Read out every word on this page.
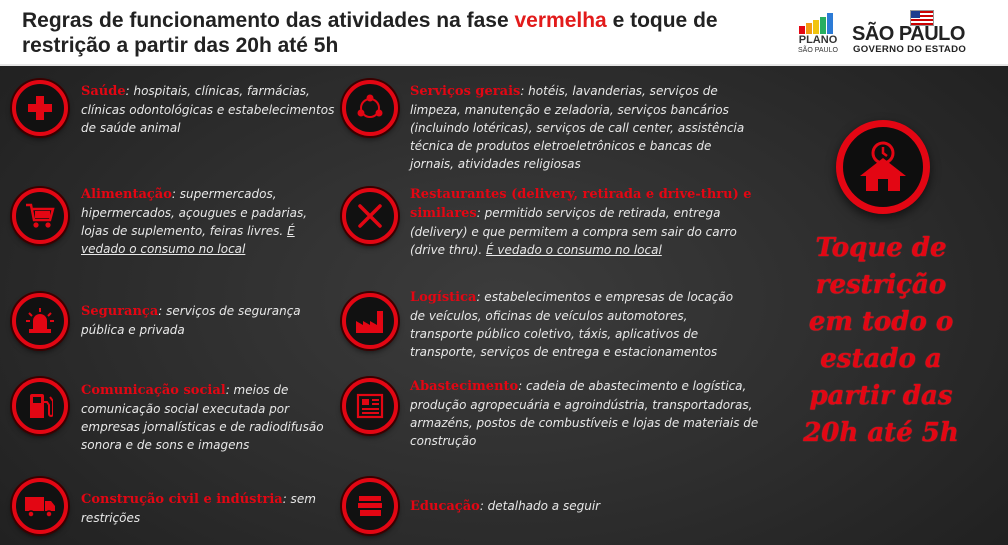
Regras de funcionamento das atividades na fase vermelha e toque de restrição a partir das 20h até 5h	PLANO
SÃO PAULO
SÃO PAULO
GOVERNO DO ESTADO
Saúde: hospitais, clínicas, farmácias, clínicas odontológicas e estabelecimentos de saúde animal
Alimentação: supermercados, hipermercados, açougues e padarias, lojas de suplemento, feiras livres. É vedado o consumo no local
Segurança: serviços de segurança pública e privada
Comunicação social: meios de comunicação social executada por empresas jornalísticas e de radiodifusão sonora e de sons e imagens
Construção civil e indústria: sem restrições
Serviços gerais: hotéis, lavanderias, serviços de limpeza, manutenção e zeladoria, serviços bancários (incluindo lotéricas), serviços de call center, assistência técnica de produtos eletroeletrônicos e bancas de jornais, atividades religiosas
Restaurantes (delivery, retirada e drive-thru) e similares: permitido serviços de retirada, entrega (delivery) e que permitem a compra sem sair do carro (drive thru). É vedado o consumo no local
Logística: estabelecimentos e empresas de locação de veículos, oficinas de veículos automotores, transporte público coletivo, táxis, aplicativos de transporte, serviços de entrega e estacionamentos
Abastecimento: cadeia de abastecimento e logística, produção agropecuária e agroindústria, transportadoras, armazéns, postos de combustíveis e lojas de materiais de construção
Educação: detalhado a seguir
Toque de restrição em todo o estado a partir das 20h até 5h
